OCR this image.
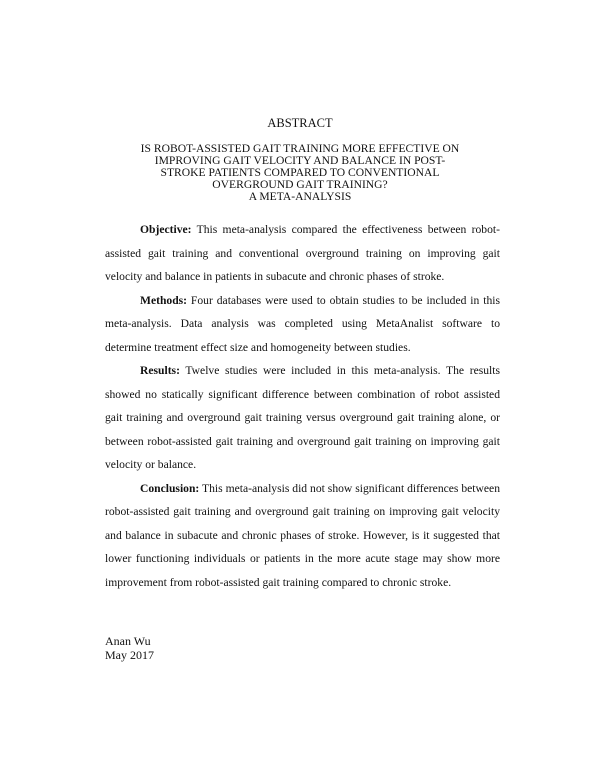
ABSTRACT
IS ROBOT-ASSISTED GAIT TRAINING MORE EFFECTIVE ON
IMPROVING GAIT VELOCITY AND BALANCE IN POST-
STROKE PATIENTS COMPARED TO CONVENTIONAL
OVERGROUND GAIT TRAINING?
A META-ANALYSIS

Objective: This meta-analysis compared the effectiveness between robot-assisted gait training and conventional overground training on improving gait velocity and balance in patients in subacute and chronic phases of stroke.

Methods: Four databases were used to obtain studies to be included in this meta-analysis. Data analysis was completed using MetaAnalist software to determine treatment effect size and homogeneity between studies.

Results: Twelve studies were included in this meta-analysis. The results showed no statically significant difference between combination of robot assisted gait training and overground gait training versus overground gait training alone, or between robot-assisted gait training and overground gait training on improving gait velocity or balance.

Conclusion: This meta-analysis did not show significant differences between robot-assisted gait training and overground gait training on improving gait velocity and balance in subacute and chronic phases of stroke. However, is it suggested that lower functioning individuals or patients in the more acute stage may show more improvement from robot-assisted gait training compared to chronic stroke.

Anan Wu
May 2017
